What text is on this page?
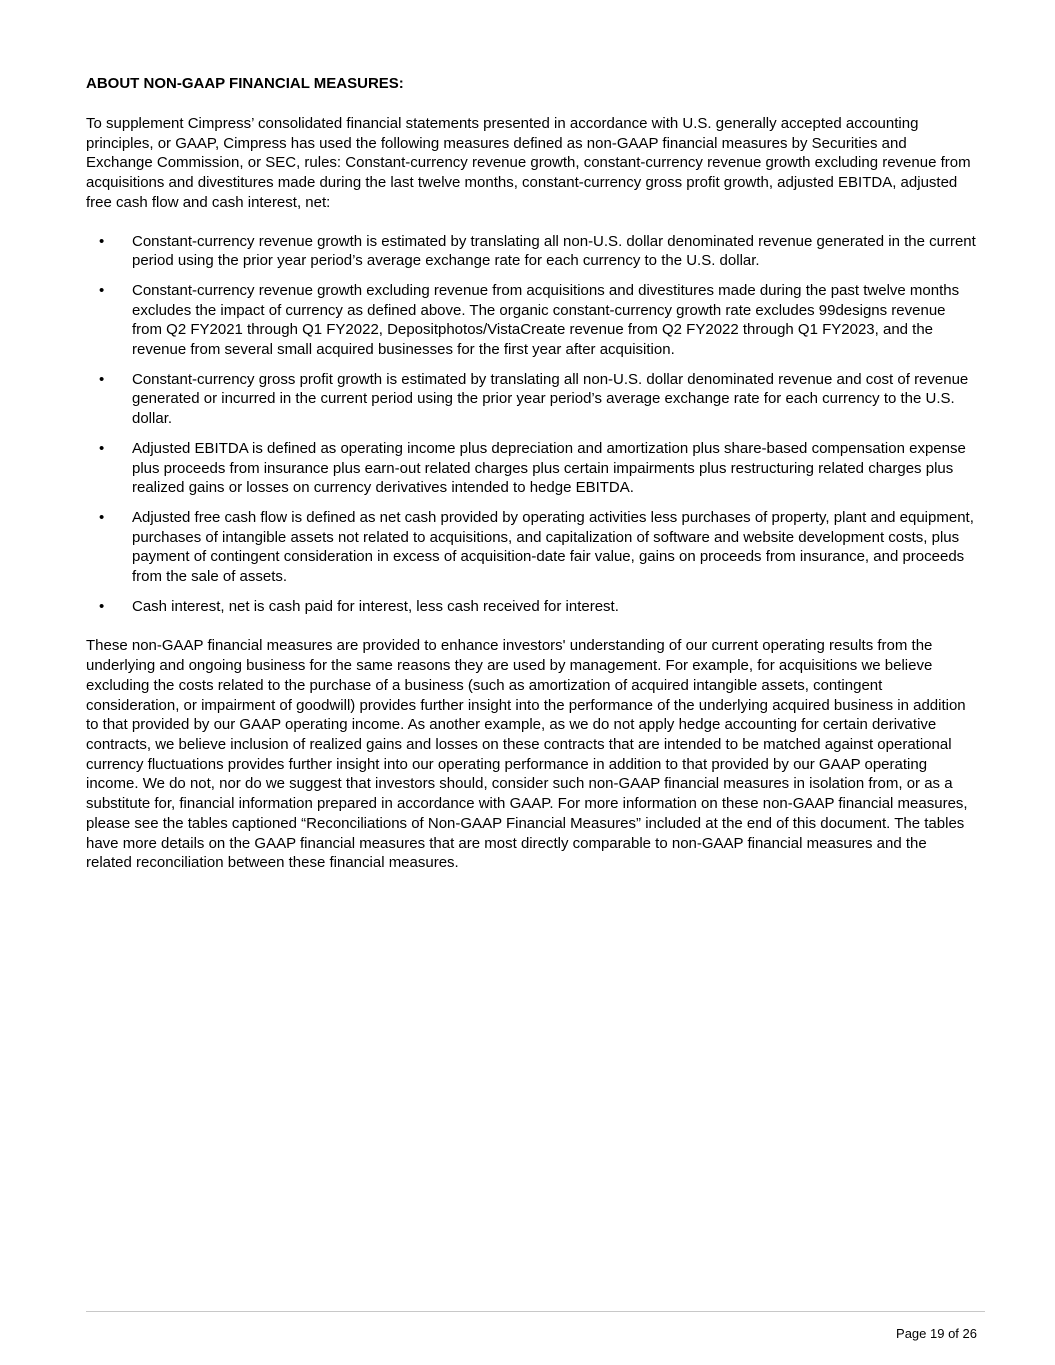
ABOUT NON-GAAP FINANCIAL MEASURES:

To supplement Cimpress’ consolidated financial statements presented in accordance with U.S. generally accepted accounting principles, or GAAP, Cimpress has used the following measures defined as non-GAAP financial measures by Securities and Exchange Commission, or SEC, rules: Constant-currency revenue growth, constant-currency revenue growth excluding revenue from acquisitions and divestitures made during the last twelve months, constant-currency gross profit growth, adjusted EBITDA, adjusted free cash flow and cash interest, net:

• Constant-currency revenue growth is estimated by translating all non-U.S. dollar denominated revenue generated in the current period using the prior year period’s average exchange rate for each currency to the U.S. dollar.
• Constant-currency revenue growth excluding revenue from acquisitions and divestitures made during the past twelve months excludes the impact of currency as defined above. The organic constant-currency growth rate excludes 99designs revenue from Q2 FY2021 through Q1 FY2022, Depositphotos/VistaCreate revenue from Q2 FY2022 through Q1 FY2023, and the revenue from several small acquired businesses for the first year after acquisition.
• Constant-currency gross profit growth is estimated by translating all non-U.S. dollar denominated revenue and cost of revenue generated or incurred in the current period using the prior year period’s average exchange rate for each currency to the U.S. dollar.
• Adjusted EBITDA is defined as operating income plus depreciation and amortization plus share-based compensation expense plus proceeds from insurance plus earn-out related charges plus certain impairments plus restructuring related charges plus realized gains or losses on currency derivatives intended to hedge EBITDA.
• Adjusted free cash flow is defined as net cash provided by operating activities less purchases of property, plant and equipment, purchases of intangible assets not related to acquisitions, and capitalization of software and website development costs, plus payment of contingent consideration in excess of acquisition-date fair value, gains on proceeds from insurance, and proceeds from the sale of assets.
• Cash interest, net is cash paid for interest, less cash received for interest.

These non-GAAP financial measures are provided to enhance investors' understanding of our current operating results from the underlying and ongoing business for the same reasons they are used by management. For example, for acquisitions we believe excluding the costs related to the purchase of a business (such as amortization of acquired intangible assets, contingent consideration, or impairment of goodwill) provides further insight into the performance of the underlying acquired business in addition to that provided by our GAAP operating income. As another example, as we do not apply hedge accounting for certain derivative contracts, we believe inclusion of realized gains and losses on these contracts that are intended to be matched against operational currency fluctuations provides further insight into our operating performance in addition to that provided by our GAAP operating income. We do not, nor do we suggest that investors should, consider such non-GAAP financial measures in isolation from, or as a substitute for, financial information prepared in accordance with GAAP. For more information on these non-GAAP financial measures, please see the tables captioned “Reconciliations of Non-GAAP Financial Measures” included at the end of this document. The tables have more details on the GAAP financial measures that are most directly comparable to non-GAAP financial measures and the related reconciliation between these financial measures.

Page 19 of 26
